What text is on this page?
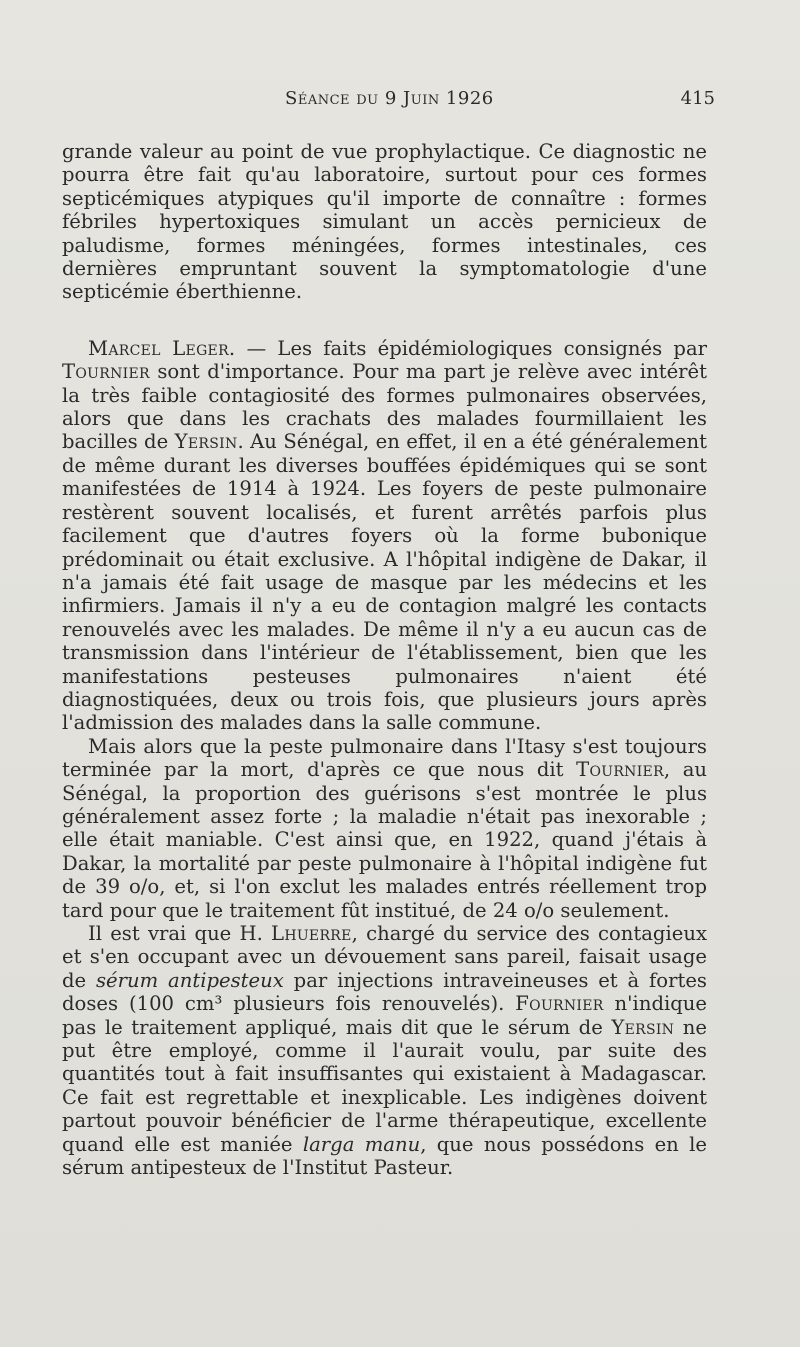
Séance du 9 Juin 1926	415

grande valeur au point de vue prophylactique. Ce diagnostic ne pourra être fait qu'au laboratoire, surtout pour ces formes septicémiques atypiques qu'il importe de connaître : formes fébriles hypertoxiques simulant un accès pernicieux de paludisme, formes méningées, formes intestinales, ces dernières empruntant souvent la symptomatologie d'une septicémie éberthienne.

Marcel Leger. — Les faits épidémiologiques consignés par Tournier sont d'importance. Pour ma part je relève avec intérêt la très faible contagiosité des formes pulmonaires observées, alors que dans les crachats des malades fourmillaient les bacilles de Yersin. Au Sénégal, en effet, il en a été généralement de même durant les diverses bouffées épidémiques qui se sont manifestées de 1914 à 1924. Les foyers de peste pulmonaire restèrent souvent localisés, et furent arrêtés parfois plus facilement que d'autres foyers où la forme bubonique prédominait ou était exclusive. A l'hôpital indigène de Dakar, il n'a jamais été fait usage de masque par les médecins et les infirmiers. Jamais il n'y a eu de contagion malgré les contacts renouvelés avec les malades. De même il n'y a eu aucun cas de transmission dans l'intérieur de l'établissement, bien que les manifestations pesteuses pulmonaires n'aient été diagnostiquées, deux ou trois fois, que plusieurs jours après l'admission des malades dans la salle commune.

Mais alors que la peste pulmonaire dans l'Itasy s'est toujours terminée par la mort, d'après ce que nous dit Tournier, au Sénégal, la proportion des guérisons s'est montrée le plus généralement assez forte ; la maladie n'était pas inexorable ; elle était maniable. C'est ainsi que, en 1922, quand j'étais à Dakar, la mortalité par peste pulmonaire à l'hôpital indigène fut de 39 o/o, et, si l'on exclut les malades entrés réellement trop tard pour que le traitement fût institué, de 24 o/o seulement.

Il est vrai que H. Lhuerre, chargé du service des contagieux et s'en occupant avec un dévouement sans pareil, faisait usage de sérum antipesteux par injections intraveineuses et à fortes doses (100 cm³ plusieurs fois renouvelés). Fournier n'indique pas le traitement appliqué, mais dit que le sérum de Yersin ne put être employé, comme il l'aurait voulu, par suite des quantités tout à fait insuffisantes qui existaient à Madagascar. Ce fait est regrettable et inexplicable. Les indigènes doivent partout pouvoir bénéficier de l'arme thérapeutique, excellente quand elle est maniée larga manu, que nous possédons en le sérum antipesteux de l'Institut Pasteur.
